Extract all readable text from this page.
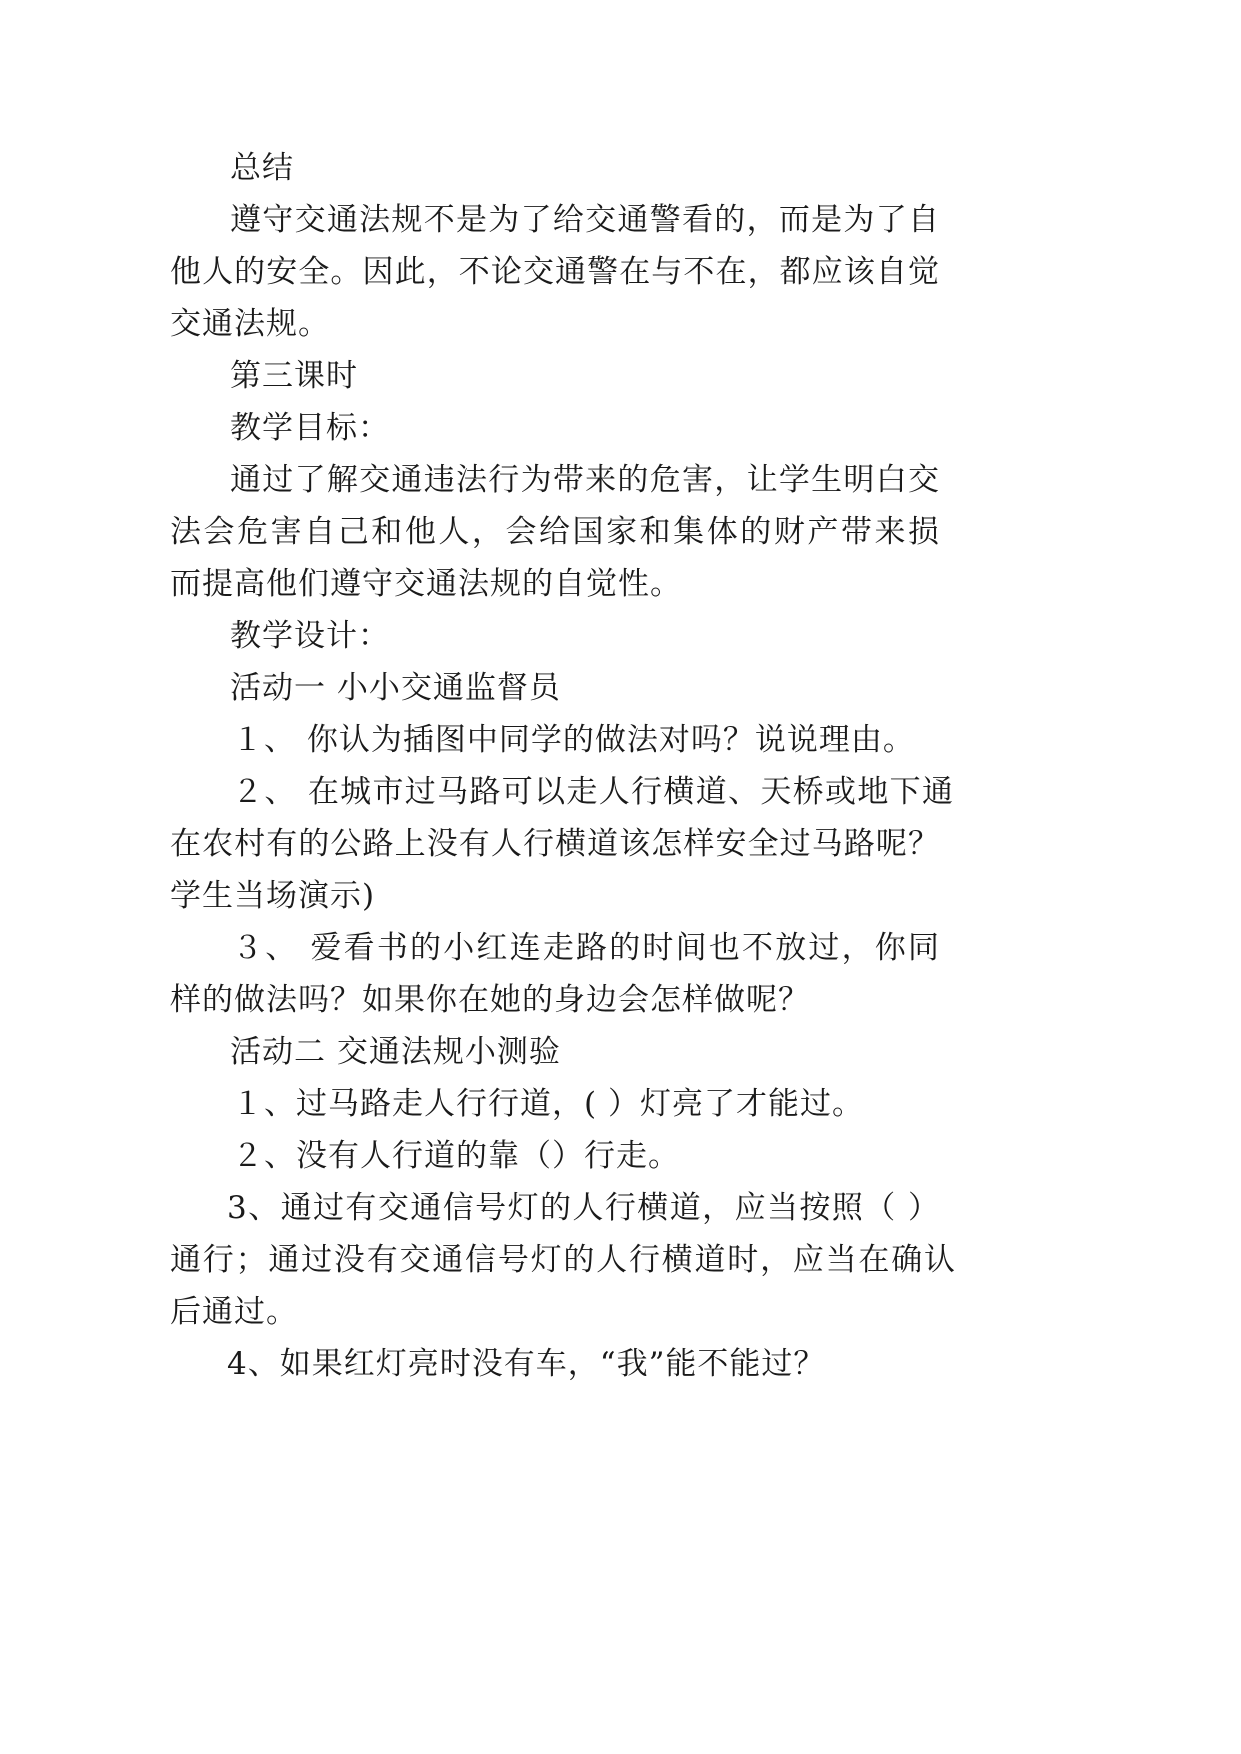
总结
遵守交通法规不是为了给交通警看的，而是为了自
他人的安全。因此，不论交通警在与不在，都应该自觉
交通法规。
第三课时
教学目标：
通过了解交通违法行为带来的危害，让学生明白交
法会危害自己和他人，会给国家和集体的财产带来损
而提高他们遵守交通法规的自觉性。
教学设计：
活动一 小小交通监督员
１、 你认为插图中同学的做法对吗？说说理由。
２、 在城市过马路可以走人行横道、天桥或地下通
在农村有的公路上没有人行横道该怎样安全过马路呢？
学生当场演示)
３、 爱看书的小红连走路的时间也不放过，你同
样的做法吗？如果你在她的身边会怎样做呢？
活动二 交通法规小测验
１、过马路走人行行道，( ）灯亮了才能过。
２、没有人行道的靠（）行走。
3、通过有交通信号灯的人行横道，应当按照（ ）
通行；通过没有交通信号灯的人行横道时，应当在确认
后通过。
4、如果红灯亮时没有车，“我”能不能过？
